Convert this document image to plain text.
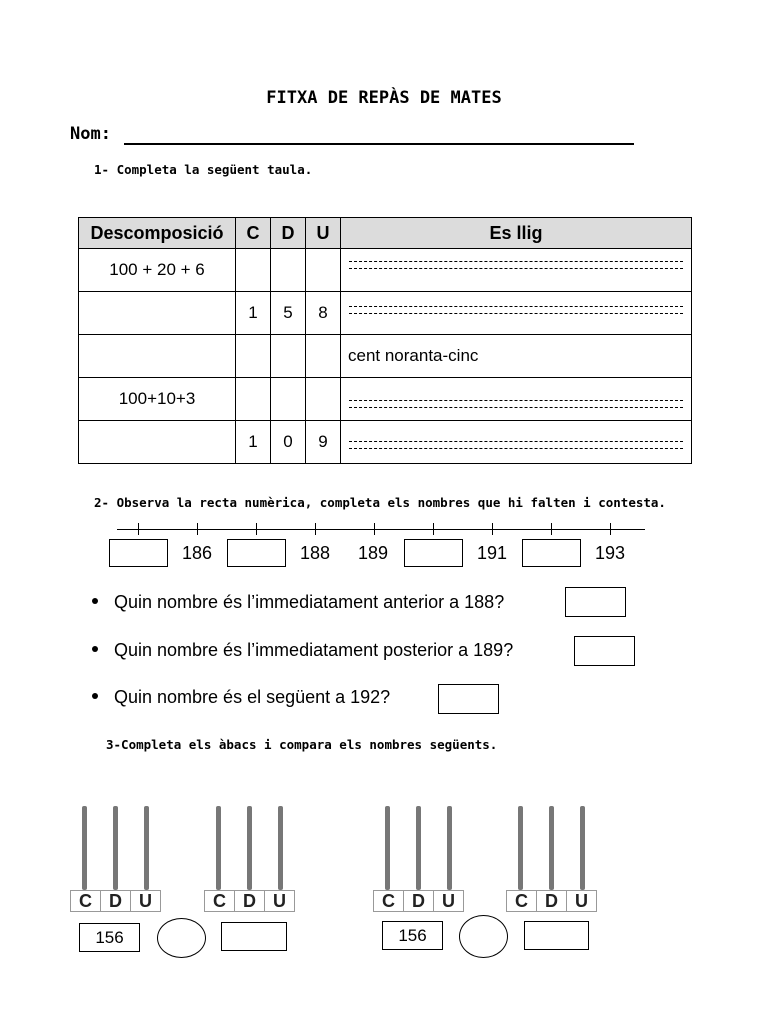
FITXA DE REPÀS DE MATES
Nom:
1- Completa la següent taula.
Descomposició	C	D	U	Es llig
100 + 20 + 6				

	1	5	8	

				cent noranta-cinc
100+10+3				

	1	0	9	
2- Observa la recta numèrica, completa els nombres que hi falten i contesta.
186	188 189	191	193
Quin nombre és l’immediatament anterior a 188?
Quin nombre és l’immediatament posterior a 189?
Quin nombre és el següent a 192?
3-Completa els àbacs i compara els nombres següents.
C D U	C D U	C D U	C D U
156	156
